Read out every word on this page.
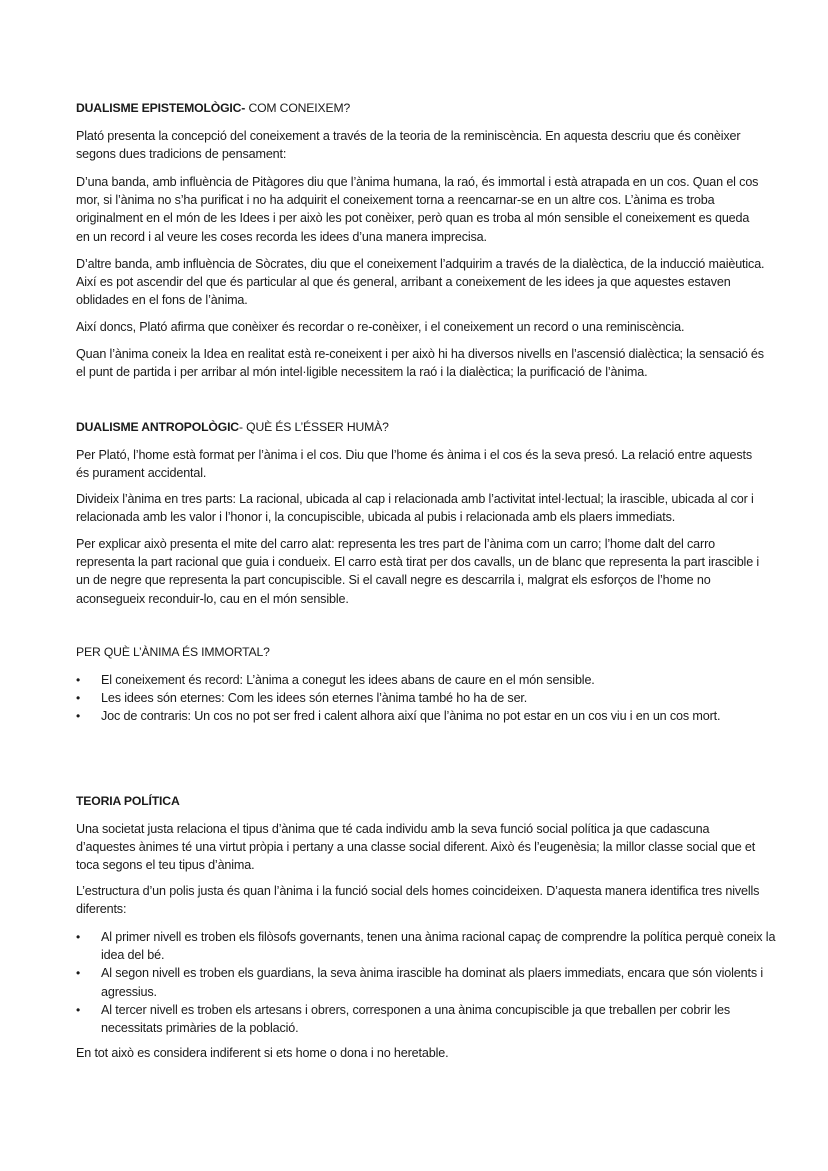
DUALISME EPISTEMOLÒGIC- COM CONEIXEM?

Plató presenta la concepció del coneixement a través de la teoria de la reminiscència. En aquesta descriu que és conèixer segons dues tradicions de pensament:

D’una banda, amb influència de Pitàgores diu que l’ànima humana, la raó, és immortal i està atrapada en un cos. Quan el cos mor, si l’ànima no s’ha purificat i no ha adquirit el coneixement torna a reencarnar-se en un altre cos. L’ànima es troba originalment en el món de les Idees i per això les pot conèixer, però quan es troba al món sensible el coneixement es queda en un record i al veure les coses recorda les idees d’una manera imprecisa.

D’altre banda, amb influència de Sòcrates, diu que el coneixement l’adquirim a través de la dialèctica, de la inducció maièutica. Així es pot ascendir del que és particular al que és general, arribant a coneixement de les idees ja que aquestes estaven oblidades en el fons de l’ànima.

Així doncs, Plató afirma que conèixer és recordar o re-conèixer, i el coneixement un record o una reminiscència.

Quan l’ànima coneix la Idea en realitat està re-coneixent i per això hi ha diversos nivells en l’ascensió dialèctica; la sensació és el punt de partida i per arribar al món intel·ligible necessitem la raó i la dialèctica; la purificació de l’ànima.

DUALISME ANTROPOLÒGIC- QUÈ ÉS L’ÉSSER HUMÀ?

Per Plató, l’home està format per l’ànima i el cos. Diu que l’home és ànima i el cos és la seva presó. La relació entre aquests és purament accidental.

Divideix l’ànima en tres parts: La racional, ubicada al cap i relacionada amb l’activitat intel·lectual; la irascible, ubicada al cor i relacionada amb les valor i l’honor i, la concupiscible, ubicada al pubis i relacionada amb els plaers immediats.

Per explicar això presenta el mite del carro alat: representa les tres part de l’ànima com un carro; l’home dalt del carro representa la part racional que guia i condueix. El carro està tirat per dos cavalls, un de blanc que representa la part irascible i un de negre que representa la part concupiscible. Si el cavall negre es descarrila i, malgrat els esforços de l’home no aconsegueix reconduir-lo, cau en el món sensible.

PER QUÈ L’ÀNIMA ÉS IMMORTAL?
• El coneixement és record: L’ànima a conegut les idees abans de caure en el món sensible.
• Les idees són eternes: Com les idees són eternes l’ànima també ho ha de ser.
• Joc de contraris: Un cos no pot ser fred i calent alhora així que l’ànima no pot estar en un cos viu i en un cos mort.
TEORIA POLÍTICA

Una societat justa relaciona el tipus d’ànima que té cada individu amb la seva funció social política ja que cadascuna d’aquestes ànimes té una virtut pròpia i pertany a una classe social diferent. Això és l’eugenèsia; la millor classe social que et toca segons el teu tipus d’ànima.

L’estructura d’un polis justa és quan l’ànima i la funció social dels homes coincideixen. D’aquesta manera identifica tres nivells diferents:

• Al primer nivell es troben els filòsofs governants, tenen una ànima racional capaç de comprendre la política perquè coneix la idea del bé.
• Al segon nivell es troben els guardians, la seva ànima irascible ha dominat als plaers immediats, encara que són violents i agressius.
• Al tercer nivell es troben els artesans i obrers, corresponen a una ànima concupiscible ja que treballen per cobrir les necessitats primàries de la població.

En tot això es considera indiferent si ets home o dona i no heretable.
